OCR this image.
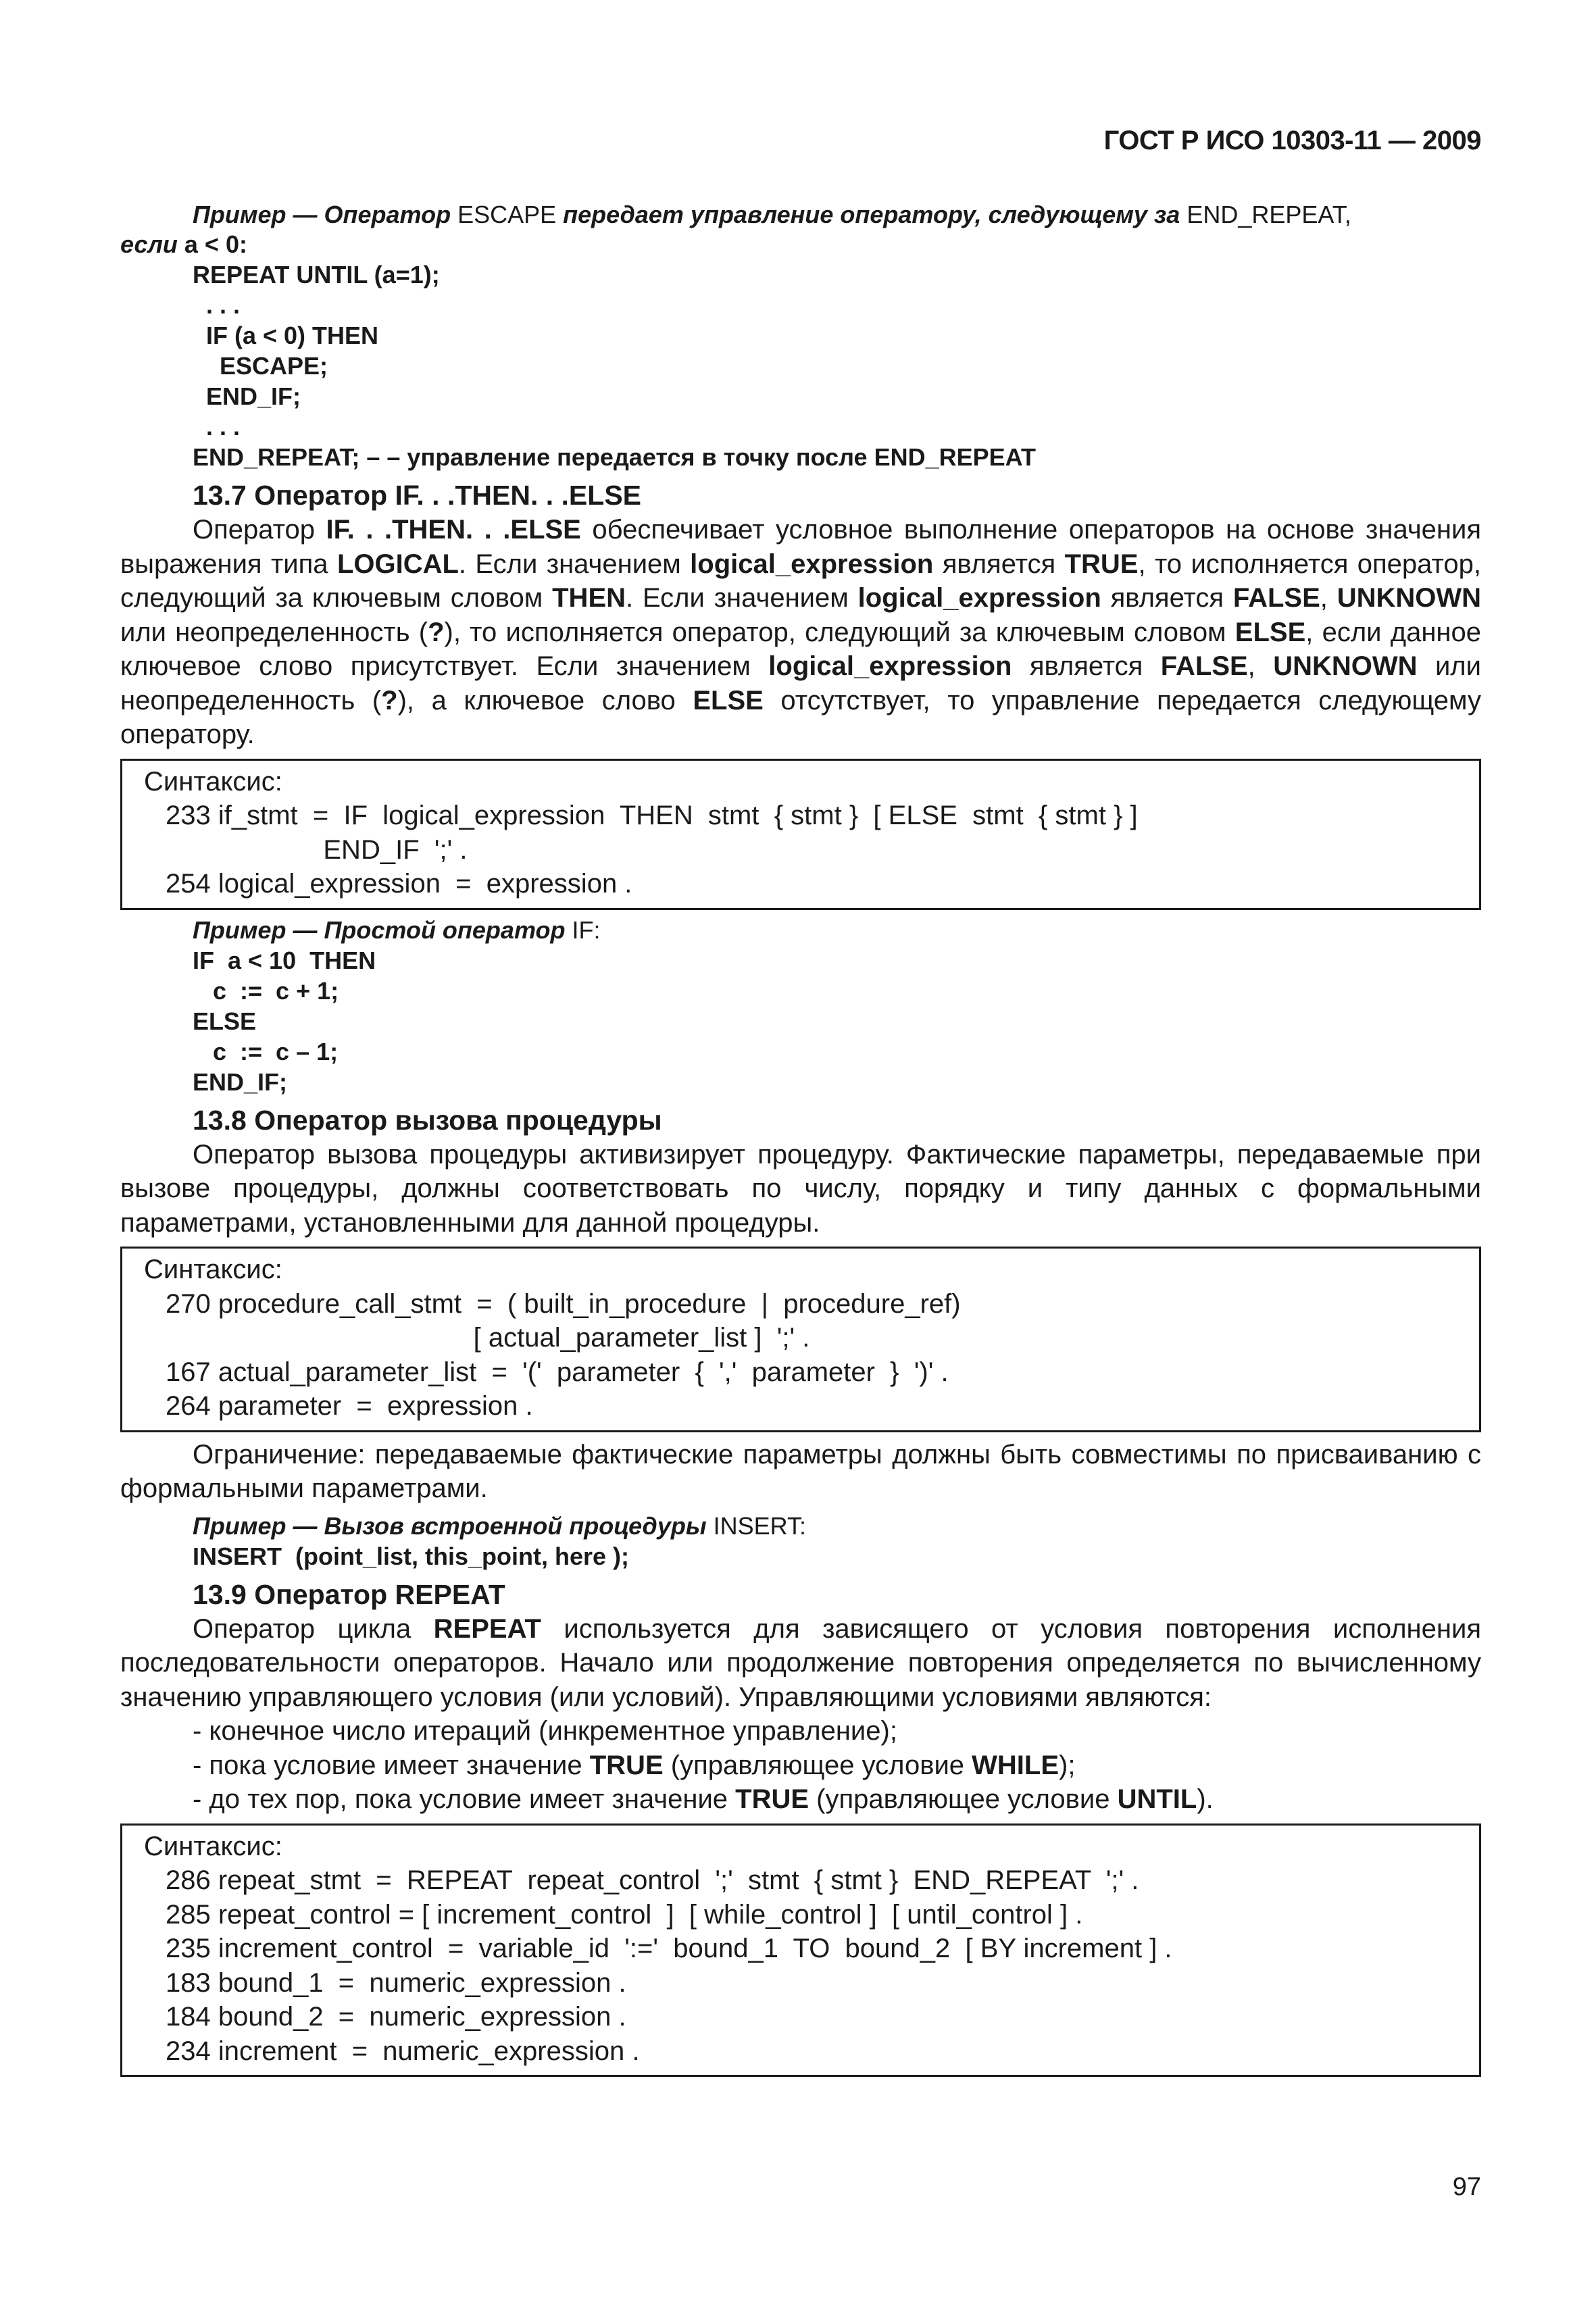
ГОСТ Р ИСО 10303-11 — 2009
Пример — Оператор ESCAPE передает управление оператору, следующему за END_REPEAT,
если a < 0:
REPEAT UNTIL (a=1);
. . .
IF (a < 0) THEN
ESCAPE;
END_IF;
. . .
END_REPEAT; – – управление передается в точку после END_REPEAT
13.7 Оператор IF. . .THEN. . .ELSE
Оператор IF. . .THEN. . .ELSE обеспечивает условное выполнение операторов на основе значения выражения типа LOGICAL. Если значением logical_expression является TRUE, то исполняется оператор, следующий за ключевым словом THEN. Если значением logical_expression является FALSE, UNKNOWN или неопределенность (?), то исполняется оператор, следующий за ключевым словом ELSE, если данное ключевое слово присутствует. Если значением logical_expression является FALSE, UNKNOWN или неопределенность (?), а ключевое слово ELSE отсутствует, то управление передается следующему оператору.
Синтаксис:
233 if_stmt  =  IF  logical_expression  THEN  stmt  { stmt }  [ ELSE  stmt  { stmt } ]
END_IF  ';' .
254 logical_expression  =  expression .
Пример — Простой оператор IF:
IF  a < 10  THEN
c  :=  c + 1;
ELSE
c  :=  c – 1;
END_IF;
13.8 Оператор вызова процедуры
Оператор вызова процедуры активизирует процедуру. Фактические параметры, передаваемые при вызове процедуры, должны соответствовать по числу, порядку и типу данных с формальными параметрами, установленными для данной процедуры.
Синтаксис:
270 procedure_call_stmt  =  ( built_in_procedure  |  procedure_ref)
[ actual_parameter_list ]  ';' .
167 actual_parameter_list  =  '('  parameter  {  ','  parameter  }  ')' .
264 parameter  =  expression .
Ограничение: передаваемые фактические параметры должны быть совместимы по присваиванию с формальными параметрами.
Пример — Вызов встроенной процедуры INSERT:
INSERT  (point_list, this_point, here );
13.9 Оператор REPEAT
Оператор цикла REPEAT используется для зависящего от условия повторения исполнения последовательности операторов. Начало или продолжение повторения определяется по вычисленному значению управляющего условия (или условий). Управляющими условиями являются:
- конечное число итераций (инкрементное управление);
- пока условие имеет значение TRUE (управляющее условие WHILE);
- до тех пор, пока условие имеет значение TRUE (управляющее условие UNTIL).
Синтаксис:
286 repeat_stmt  =  REPEAT  repeat_control  ';'  stmt  { stmt }  END_REPEAT  ';' .
285 repeat_control = [ increment_control  ]  [ while_control ]  [ until_control ] .
235 increment_control  =  variable_id  ':='  bound_1  TO  bound_2  [ BY increment ] .
183 bound_1  =  numeric_expression .
184 bound_2  =  numeric_expression .
234 increment  =  numeric_expression .
97
